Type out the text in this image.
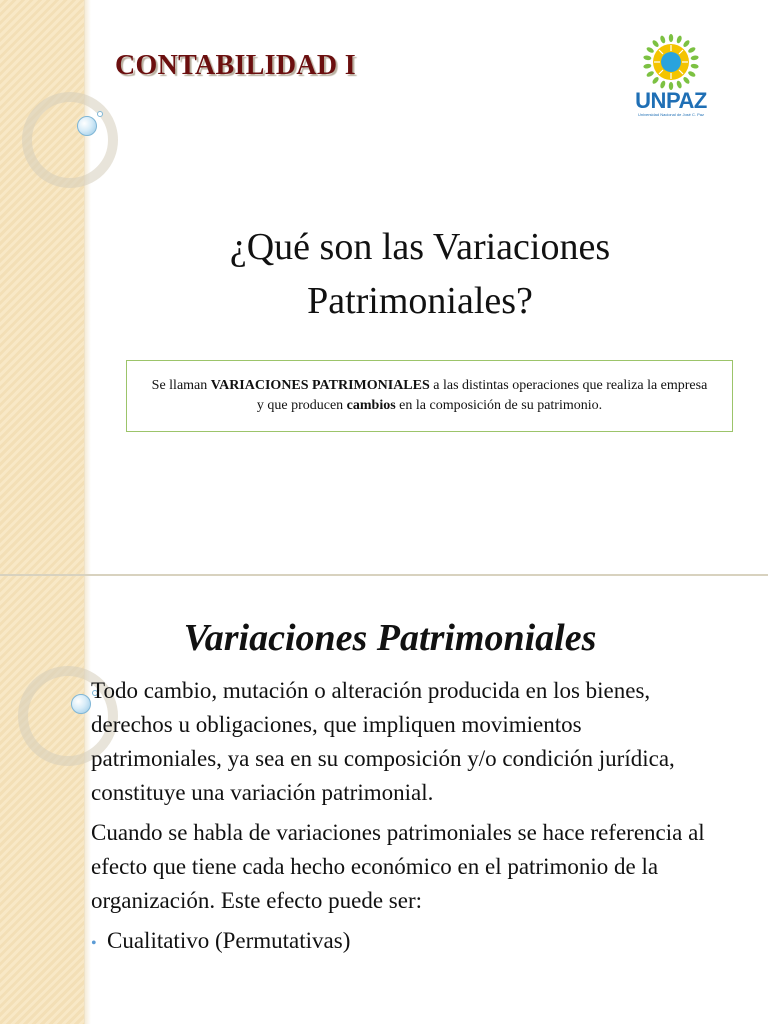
CONTABILIDAD I
UNPAZ
Universidad Nacional de José C. Paz
¿Qué son las Variaciones
Patrimoniales?
Se llaman VARIACIONES PATRIMONIALES a las distintas operaciones que realiza la empresa y que producen cambios en la composición de su patrimonio.
Variaciones Patrimoniales
Todo cambio, mutación o alteración producida en los bienes, derechos u obligaciones, que impliquen movimientos patrimoniales, ya sea en su composición y/o condición jurídica, constituye una variación patrimonial.
Cuando se habla de variaciones patrimoniales se hace referencia al efecto que tiene cada hecho económico en el patrimonio de la organización. Este efecto puede ser:
• Cualitativo (Permutativas)
